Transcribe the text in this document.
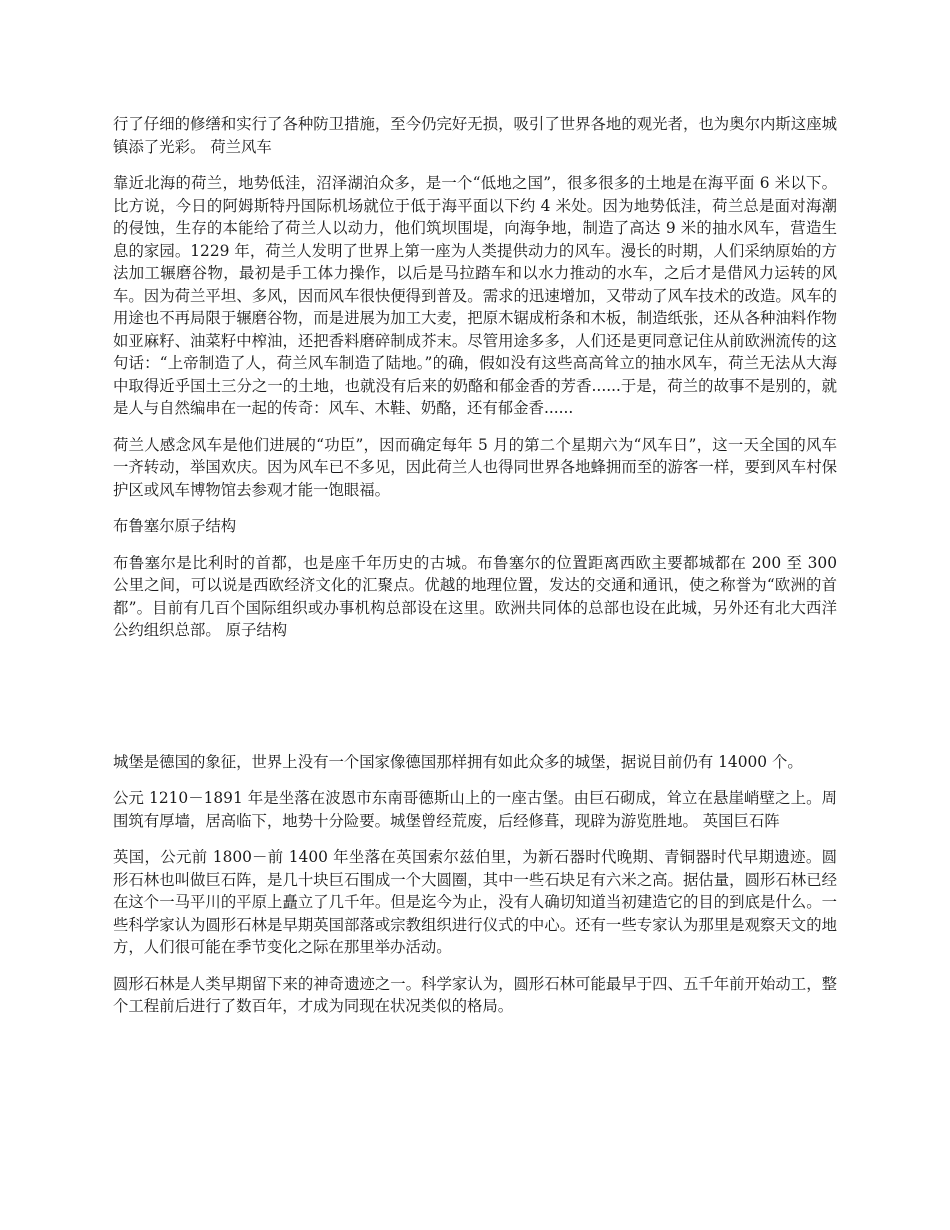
行了仔细的修缮和实行了各种防卫措施，至今仍完好无损，吸引了世界各地的观光者，也为奥尔内斯这座城镇添了光彩。 荷兰风车

靠近北海的荷兰，地势低洼，沼泽湖泊众多，是一个“低地之国”，很多很多的土地是在海平面 6 米以下。比方说，今日的阿姆斯特丹国际机场就位于低于海平面以下约 4 米处。因为地势低洼，荷兰总是面对海潮的侵蚀，生存的本能给了荷兰人以动力，他们筑坝围堤，向海争地，制造了高达 9 米的抽水风车，营造生息的家园。1229 年，荷兰人发明了世界上第一座为人类提供动力的风车。漫长的时期，人们采纳原始的方法加工辗磨谷物，最初是手工体力操作，以后是马拉踏车和以水力推动的水车，之后才是借风力运转的风车。因为荷兰平坦、多风，因而风车很快便得到普及。需求的迅速增加，又带动了风车技术的改造。风车的用途也不再局限于辗磨谷物，而是进展为加工大麦，把原木锯成桁条和木板，制造纸张，还从各种油料作物如亚麻籽、油菜籽中榨油，还把香料磨碎制成芥末。尽管用途多多，人们还是更同意记住从前欧洲流传的这句话：“上帝制造了人，荷兰风车制造了陆地。”的确，假如没有这些高高耸立的抽水风车，荷兰无法从大海中取得近乎国土三分之一的土地，也就没有后来的奶酪和郁金香的芳香......于是，荷兰的故事不是别的，就是人与自然编串在一起的传奇：风车、木鞋、奶酪，还有郁金香......

荷兰人感念风车是他们进展的“功臣”，因而确定每年 5 月的第二个星期六为“风车日”，这一天全国的风车一齐转动，举国欢庆。因为风车已不多见，因此荷兰人也得同世界各地蜂拥而至的游客一样，要到风车村保护区或风车博物馆去参观才能一饱眼福。

布鲁塞尔原子结构

布鲁塞尔是比利时的首都，也是座千年历史的古城。布鲁塞尔的位置距离西欧主要都城都在 200 至 300 公里之间，可以说是西欧经济文化的汇聚点。优越的地理位置，发达的交通和通讯，使之称誉为“欧洲的首都”。目前有几百个国际组织或办事机构总部设在这里。欧洲共同体的总部也设在此城，另外还有北大西洋公约组织总部。 原子结构

城堡是德国的象征，世界上没有一个国家像德国那样拥有如此众多的城堡，据说目前仍有 14000 个。

公元 1210－1891 年是坐落在波恩市东南哥德斯山上的一座古堡。由巨石砌成，耸立在悬崖峭壁之上。周围筑有厚墙，居高临下，地势十分险要。城堡曾经荒废，后经修葺，现辟为游览胜地。 英国巨石阵

英国，公元前 1800－前 1400 年坐落在英国索尔兹伯里，为新石器时代晚期、青铜器时代早期遗迹。圆形石林也叫做巨石阵，是几十块巨石围成一个大圆圈，其中一些石块足有六米之高。据估量，圆形石林已经在这个一马平川的平原上矗立了几千年。但是迄今为止，没有人确切知道当初建造它的目的到底是什么。一些科学家认为圆形石林是早期英国部落或宗教组织进行仪式的中心。还有一些专家认为那里是观察天文的地方，人们很可能在季节变化之际在那里举办活动。

圆形石林是人类早期留下来的神奇遗迹之一。科学家认为，圆形石林可能最早于四、五千年前开始动工，整个工程前后进行了数百年，才成为同现在状况类似的格局。
